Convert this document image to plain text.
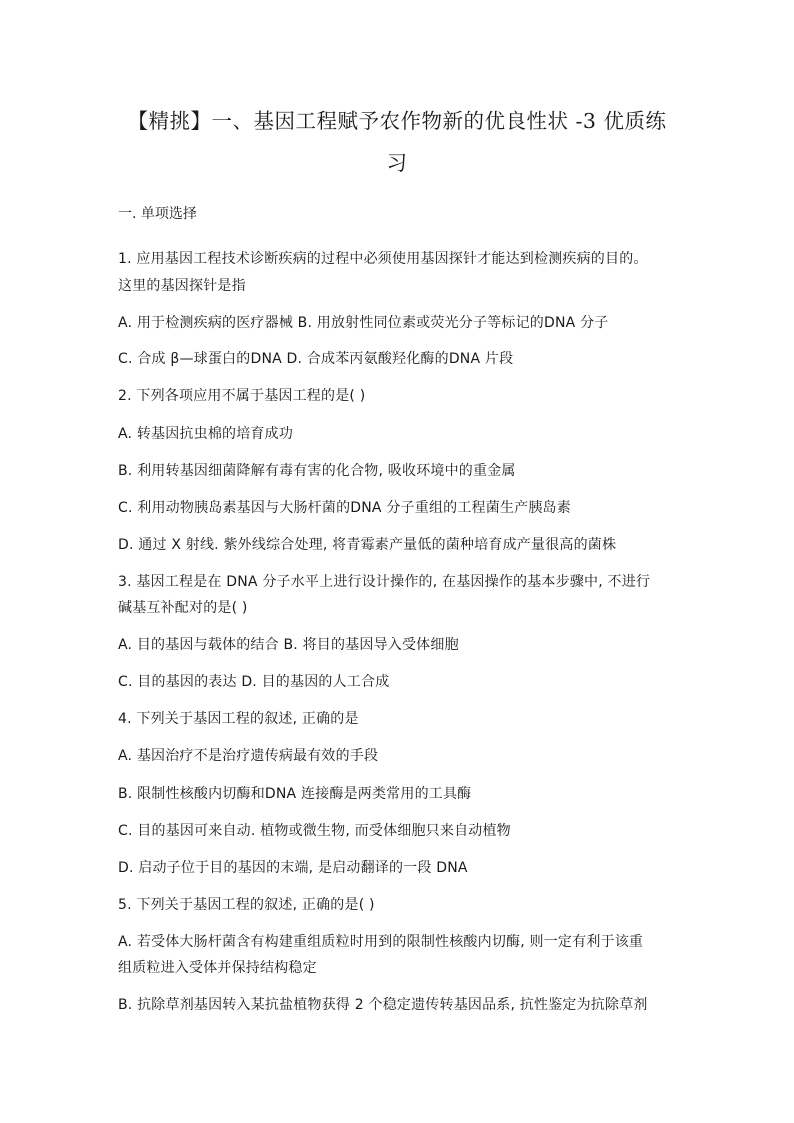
【精挑】一、基因工程赋予农作物新的优良性状 -3 优质练
习
一. 单项选择
1. 应用基因工程技术诊断疾病的过程中必须使用基因探针才能达到检测疾病的目的。
这里的基因探针是指
A. 用于检测疾病的医疗器械 B. 用放射性同位素或荧光分子等标记的DNA 分子
C. 合成 β—球蛋白的DNA D. 合成苯丙氨酸羟化酶的DNA 片段
2. 下列各项应用不属于基因工程的是( )
A. 转基因抗虫棉的培育成功
B. 利用转基因细菌降解有毒有害的化合物, 吸收环境中的重金属
C. 利用动物胰岛素基因与大肠杆菌的DNA 分子重组的工程菌生产胰岛素
D. 通过 X 射线. 紫外线综合处理, 将青霉素产量低的菌种培育成产量很高的菌株
3. 基因工程是在 DNA 分子水平上进行设计操作的, 在基因操作的基本步骤中, 不进行
碱基互补配对的是( )
A. 目的基因与载体的结合 B. 将目的基因导入受体细胞
C. 目的基因的表达 D. 目的基因的人工合成
4. 下列关于基因工程的叙述, 正确的是
A. 基因治疗不是治疗遗传病最有效的手段
B. 限制性核酸内切酶和DNA 连接酶是两类常用的工具酶
C. 目的基因可来自动. 植物或微生物, 而受体细胞只来自动植物
D. 启动子位于目的基因的末端, 是启动翻译的一段 DNA
5. 下列关于基因工程的叙述, 正确的是( )
A. 若受体大肠杆菌含有构建重组质粒时用到的限制性核酸内切酶, 则一定有利于该重
组质粒进入受体并保持结构稳定
B. 抗除草剂基因转入某抗盐植物获得 2 个稳定遗传转基因品系, 抗性鉴定为抗除草剂
